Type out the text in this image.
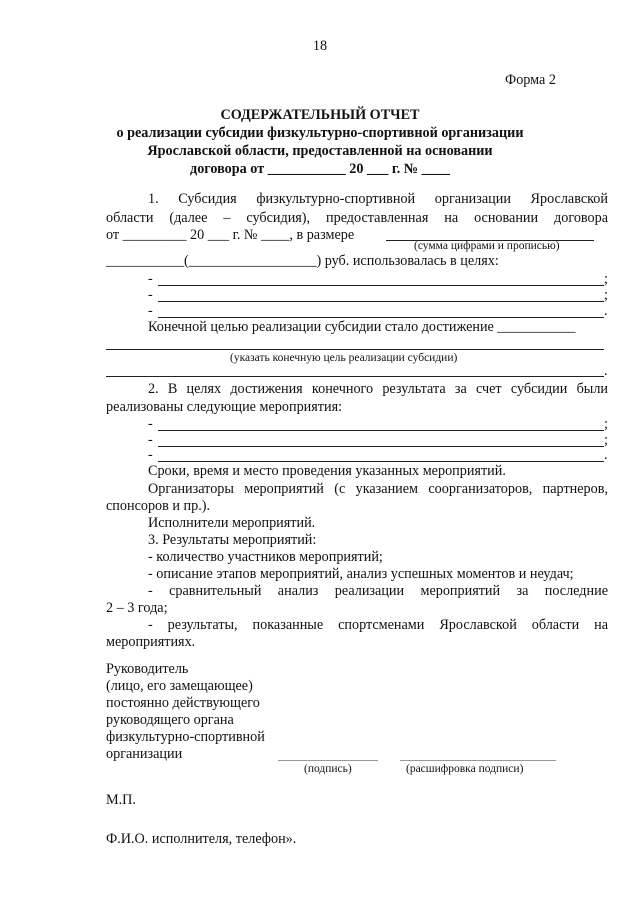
18
Форма 2
СОДЕРЖАТЕЛЬНЫЙ ОТЧЕТ
о реализации субсидии физкультурно-спортивной организации
Ярославской области, предоставленной на основании
договора от ___________ 20 ___ г. № ____
1. Субсидия физкультурно-спортивной организации Ярославской
области (далее – субсидия), предоставленная на основании договора
от _________ 20 ___ г. № ____, в размере
(сумма цифрами и прописью)
___________(__________________) руб. использовалась в целях:
-	;
-	;
-	.
Конечной целью реализации субсидии стало достижение ___________
(указать конечную цель реализации субсидии)
.
2. В целях достижения конечного результата за счет субсидии были
реализованы следующие мероприятия:
-	;
-	;
-	.
Сроки, время и место проведения указанных мероприятий.
Организаторы мероприятий (с указанием соорганизаторов, партнеров,
спонсоров и пр.).
Исполнители мероприятий.
3. Результаты мероприятий:
- количество участников мероприятий;
- описание этапов мероприятий, анализ успешных моментов и неудач;
- сравнительный анализ реализации мероприятий за последние
2 – 3 года;
- результаты, показанные спортсменами Ярославской области на
мероприятиях.
Руководитель
(лицо, его замещающее)
постоянно действующего
руководящего органа
физкультурно-спортивной
организации
(подпись)	(расшифровка подписи)
М.П.
Ф.И.О. исполнителя, телефон».
